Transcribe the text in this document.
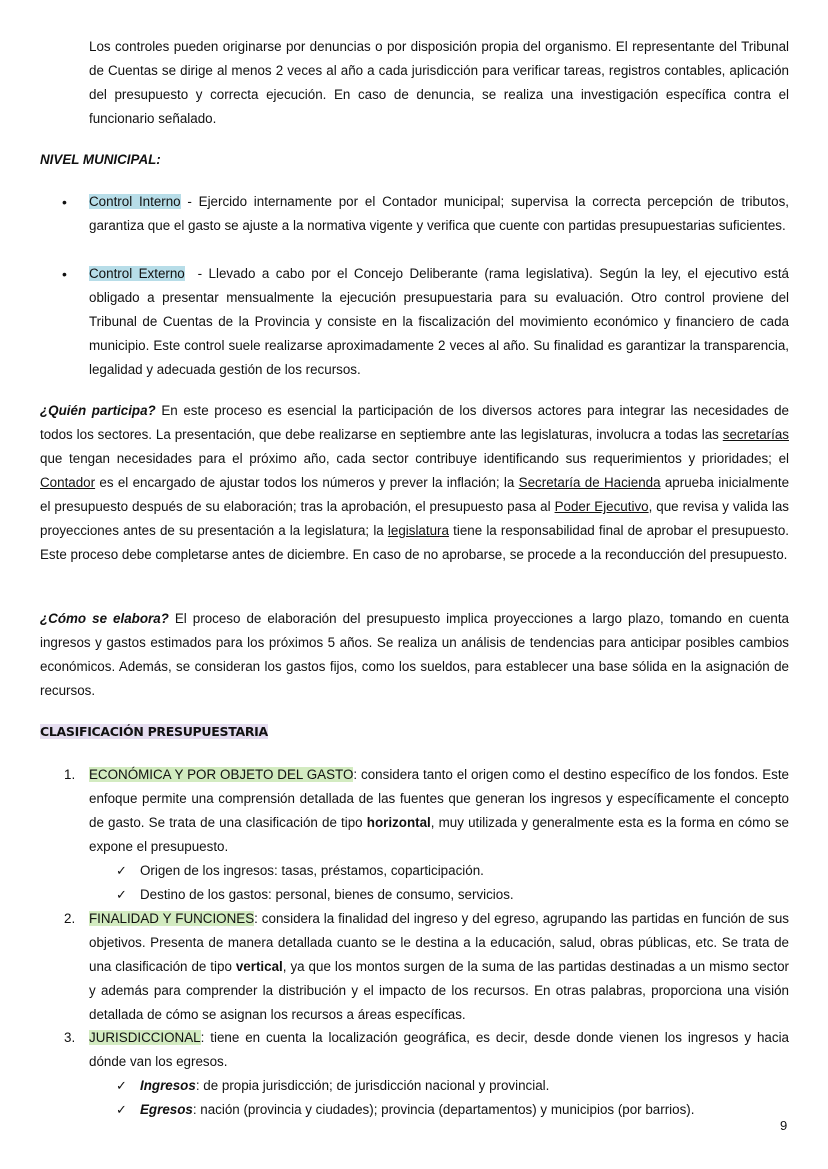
Los controles pueden originarse por denuncias o por disposición propia del organismo. El representante del Tribunal de Cuentas se dirige al menos 2 veces al año a cada jurisdicción para verificar tareas, registros contables, aplicación del presupuesto y correcta ejecución. En caso de denuncia, se realiza una investigación específica contra el funcionario señalado.

NIVEL MUNICIPAL:
• Control Interno - Ejercido internamente por el Contador municipal; supervisa la correcta percepción de tributos, garantiza que el gasto se ajuste a la normativa vigente y verifica que cuente con partidas presupuestarias suficientes.

• Control Externo  - Llevado a cabo por el Concejo Deliberante (rama legislativa). Según la ley, el ejecutivo está obligado a presentar mensualmente la ejecución presupuestaria para su evaluación. Otro control proviene del Tribunal de Cuentas de la Provincia y consiste en la fiscalización del movimiento económico y financiero de cada municipio. Este control suele realizarse aproximadamente 2 veces al año. Su finalidad es garantizar la transparencia, legalidad y adecuada gestión de los recursos.

¿Quién participa? En este proceso es esencial la participación de los diversos actores para integrar las necesidades de todos los sectores. La presentación, que debe realizarse en septiembre ante las legislaturas, involucra a todas las secretarías que tengan necesidades para el próximo año, cada sector contribuye identificando sus requerimientos y prioridades; el Contador es el encargado de ajustar todos los números y prever la inflación; la Secretaría de Hacienda aprueba inicialmente el presupuesto después de su elaboración; tras la aprobación, el presupuesto pasa al Poder Ejecutivo, que revisa y valida las proyecciones antes de su presentación a la legislatura; la legislatura tiene la responsabilidad final de aprobar el presupuesto. Este proceso debe completarse antes de diciembre. En caso de no aprobarse, se procede a la reconducción del presupuesto.

¿Cómo se elabora? El proceso de elaboración del presupuesto implica proyecciones a largo plazo, tomando en cuenta ingresos y gastos estimados para los próximos 5 años. Se realiza un análisis de tendencias para anticipar posibles cambios económicos. Además, se consideran los gastos fijos, como los sueldos, para establecer una base sólida en la asignación de recursos.

CLASIFICACIÓN PRESUPUESTARIA
1. ECONÓMICA Y POR OBJETO DEL GASTO: considera tanto el origen como el destino específico de los fondos. Este enfoque permite una comprensión detallada de las fuentes que generan los ingresos y específicamente el concepto de gasto. Se trata de una clasificación de tipo horizontal, muy utilizada y generalmente esta es la forma en cómo se expone el presupuesto.

✓ Origen de los ingresos: tasas, préstamos, coparticipación.
✓ Destino de los gastos: personal, bienes de consumo, servicios.
2. FINALIDAD Y FUNCIONES: considera la finalidad del ingreso y del egreso, agrupando las partidas en función de sus objetivos. Presenta de manera detallada cuanto se le destina a la educación, salud, obras públicas, etc. Se trata de una clasificación de tipo vertical, ya que los montos surgen de la suma de las partidas destinadas a un mismo sector y además para comprender la distribución y el impacto de los recursos. En otras palabras, proporciona una visión detallada de cómo se asignan los recursos a áreas específicas.

3. JURISDICCIONAL: tiene en cuenta la localización geográfica, es decir, desde donde vienen los ingresos y hacia dónde van los egresos.

✓ Ingresos: de propia jurisdicción; de jurisdicción nacional y provincial.
✓ Egresos: nación (provincia y ciudades); provincia (departamentos) y municipios (por barrios).
9
